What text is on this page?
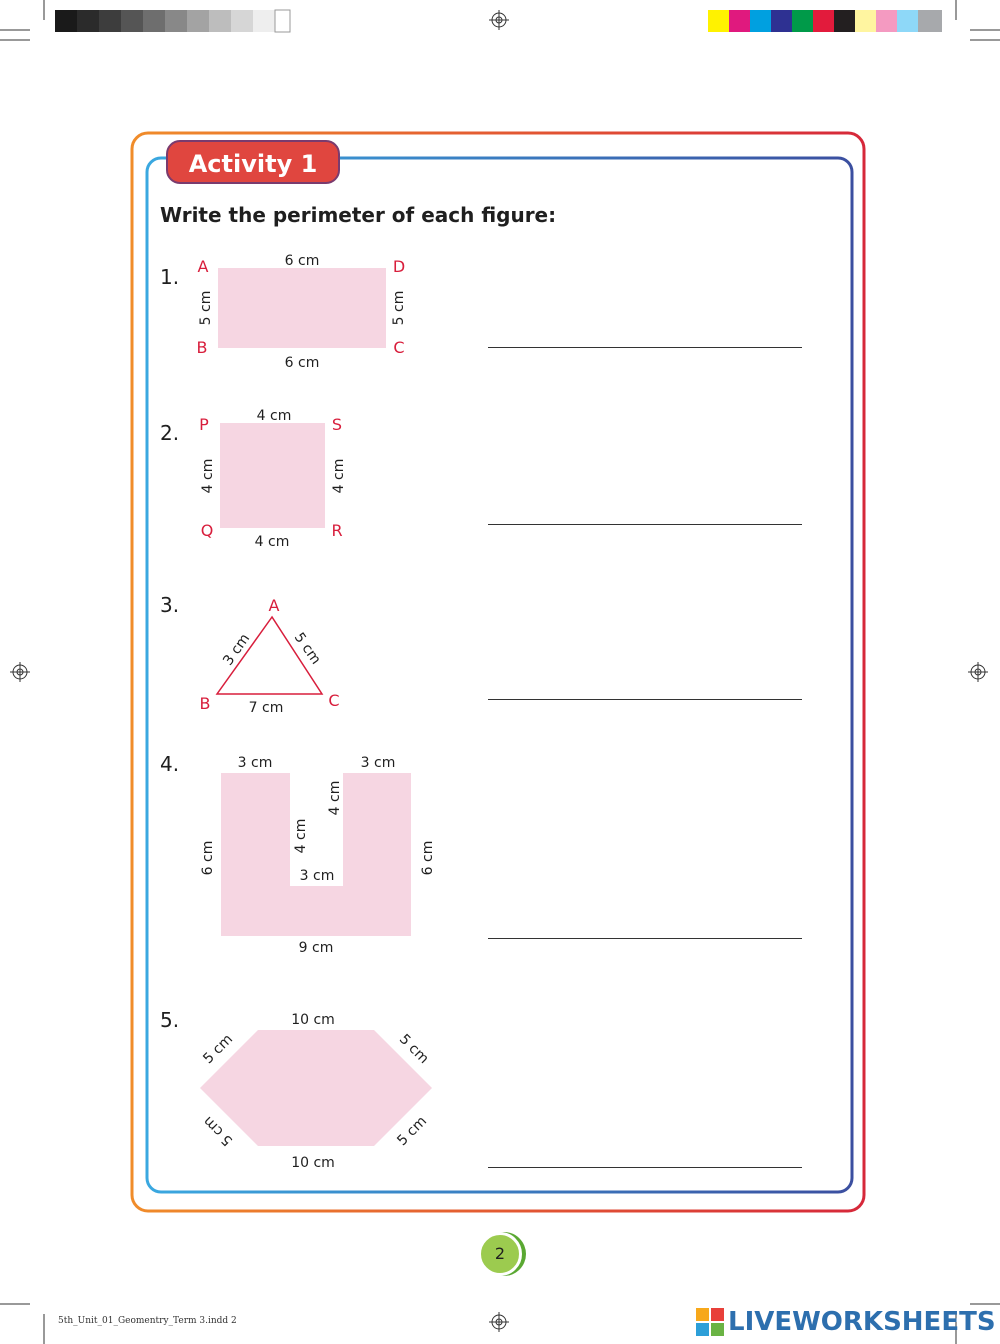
Activity 1
Write the perimeter of each figure:
1.
2.
3.
4.
5.
6 cm
6 cm
5 cm	5 cm
A
B	C
D
4 cm
4 cm
4 cm	4 cm
P
Q	R
S
A
B	C
3 cm	5 cm
7 cm
3 cm	3 cm
4 cm
4 cm
3 cm
6 cm	6 cm
9 cm
10 cm
10 cm
5 cm	5 cm
5 cm	5 cm
2
5th_Unit_01_Geomentry_Term 3.indd 2	LIVEWORKSHEETS
